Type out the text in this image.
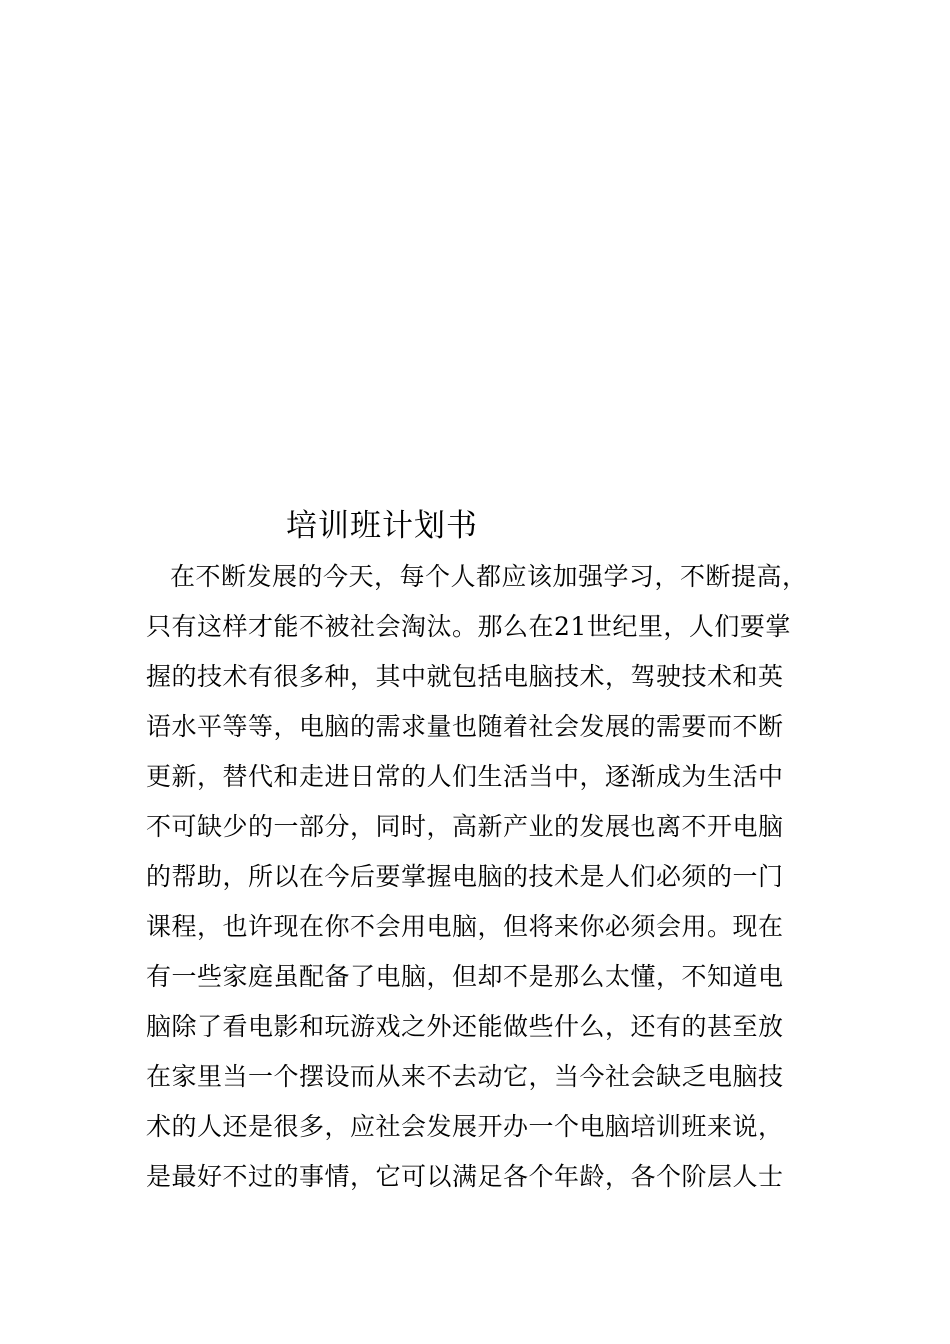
培训班计划书
在不断发展的今天，每个人都应该加强学习，不断提高，
只有这样才能不被社会淘汰。那么在21世纪里，人们要掌
握的技术有很多种，其中就包括电脑技术，驾驶技术和英
语水平等等，电脑的需求量也随着社会发展的需要而不断
更新，替代和走进日常的人们生活当中，逐渐成为生活中
不可缺少的一部分，同时，高新产业的发展也离不开电脑
的帮助，所以在今后要掌握电脑的技术是人们必须的一门
课程，也许现在你不会用电脑，但将来你必须会用。现在
有一些家庭虽配备了电脑，但却不是那么太懂，不知道电
脑除了看电影和玩游戏之外还能做些什么，还有的甚至放
在家里当一个摆设而从来不去动它，当今社会缺乏电脑技
术的人还是很多，应社会发展开办一个电脑培训班来说，
是最好不过的事情，它可以满足各个年龄，各个阶层人士
